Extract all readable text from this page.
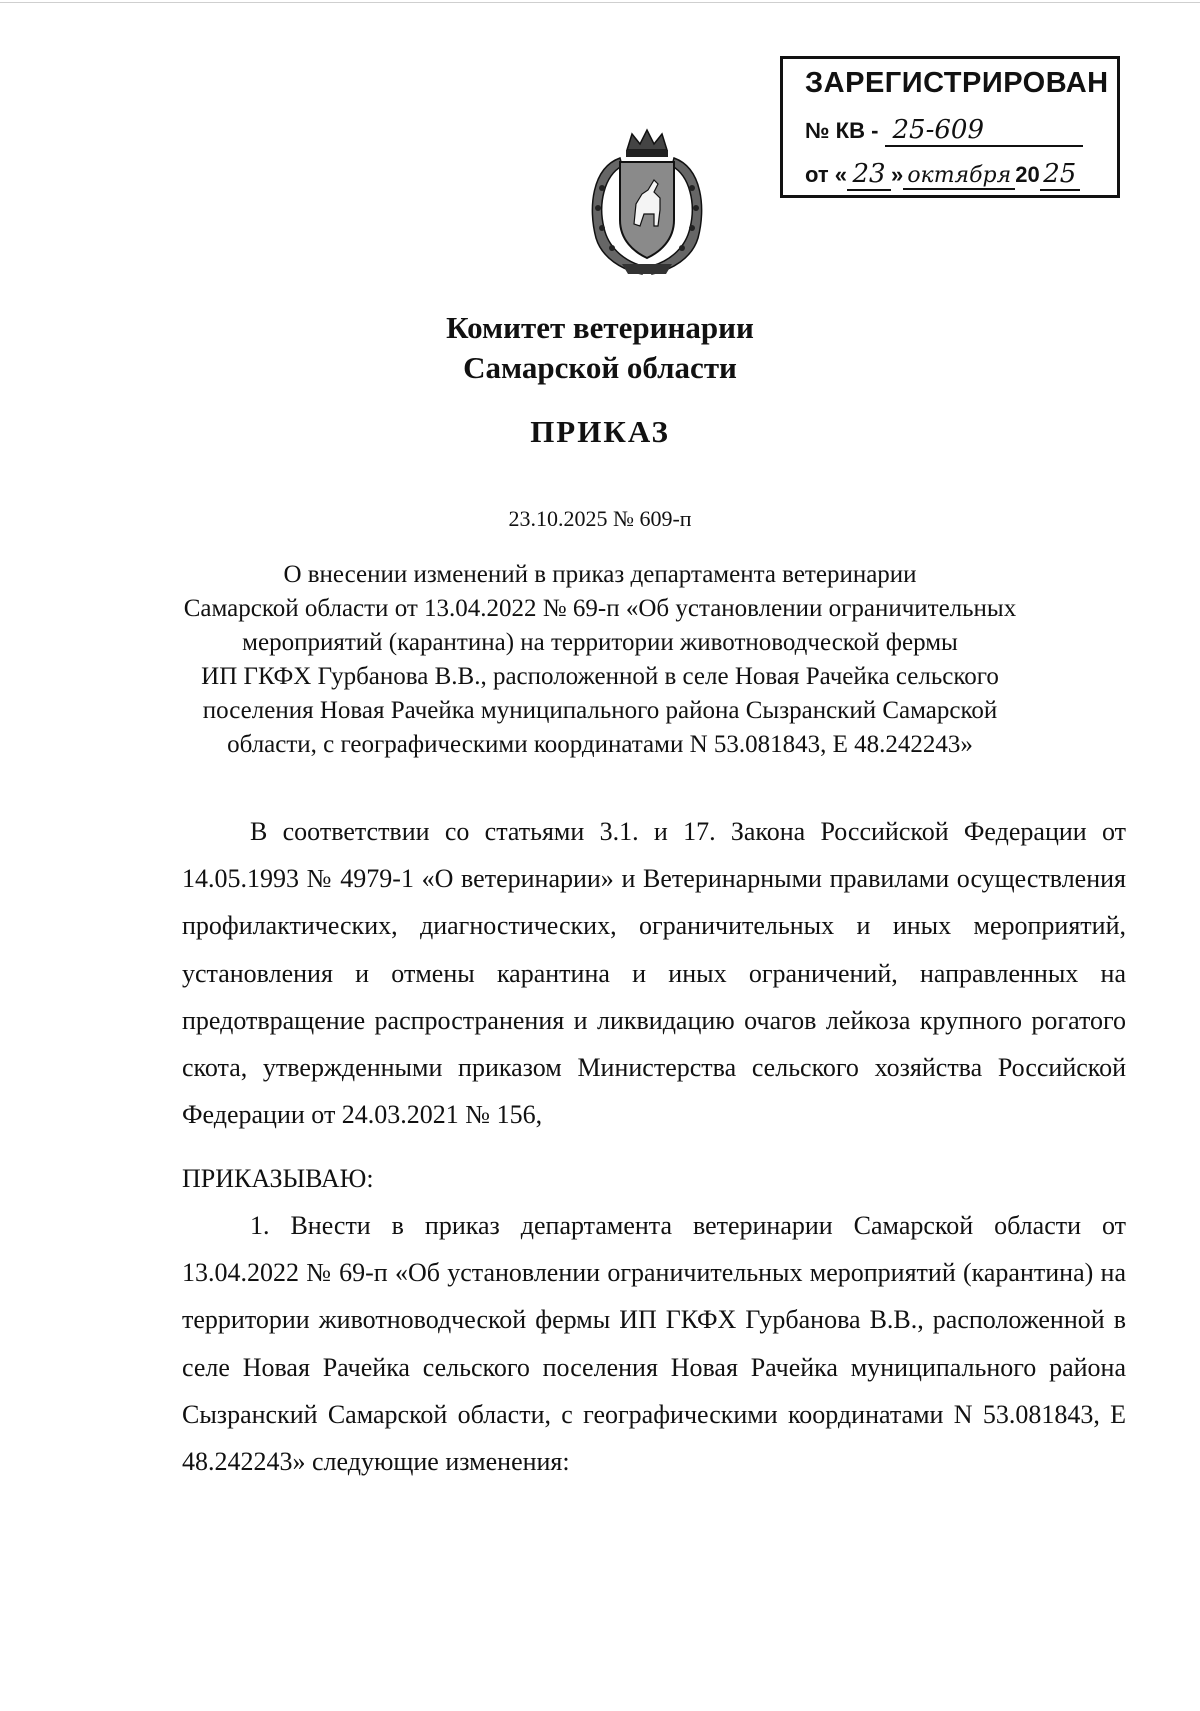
ЗАРЕГИСТРИРОВАН
№ КВ - 25-609
от « 23 » октября 20 25
Комитет ветеринарии
Самарской области
ПРИКАЗ
23.10.2025 № 609-п
О внесении изменений в приказ департамента ветеринарии
Самарской области от 13.04.2022 № 69-п «Об установлении ограничительных
мероприятий (карантина) на территории животноводческой фермы
ИП ГКФХ Гурбанова В.В., расположенной в селе Новая Рачейка сельского
поселения Новая Рачейка муниципального района Сызранский Самарской
области, с географическими координатами N 53.081843, E 48.242243»

В соответствии со статьями 3.1. и 17. Закона Российской Федерации от 14.05.1993 № 4979-1 «О ветеринарии» и Ветеринарными правилами осуществления профилактических, диагностических, ограничительных и иных мероприятий, установления и отмены карантина и иных ограничений, направленных на предотвращение распространения и ликвидацию очагов лейкоза крупного рогатого скота, утвержденными приказом Министерства сельского хозяйства Российской Федерации от 24.03.2021 № 156,

ПРИКАЗЫВАЮ:

1. Внести в приказ департамента ветеринарии Самарской области от 13.04.2022 № 69-п «Об установлении ограничительных мероприятий (карантина) на территории животноводческой фермы ИП ГКФХ Гурбанова В.В., расположенной в селе Новая Рачейка сельского поселения Новая Рачейка муниципального района Сызранский Самарской области, с географическими координатами N 53.081843, E 48.242243» следующие изменения:
